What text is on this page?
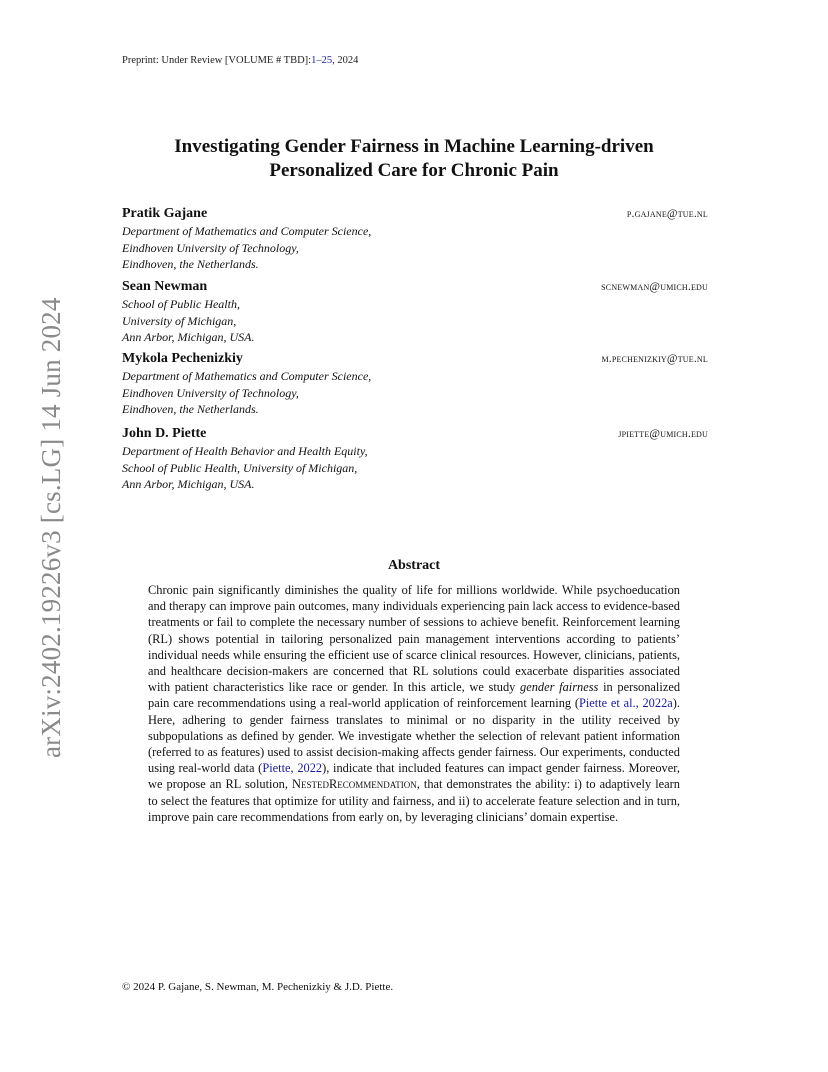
Preprint: Under Review [VOLUME # TBD]:1–25, 2024
arXiv:2402.19226v3 [cs.LG] 14 Jun 2024
Investigating Gender Fairness in Machine Learning-driven
Personalized Care for Chronic Pain
Pratik Gajane	p.gajane@tue.nl
Department of Mathematics and Computer Science,
Eindhoven University of Technology,
Eindhoven, the Netherlands.
Sean Newman	scnewman@umich.edu
School of Public Health,
University of Michigan,
Ann Arbor, Michigan, USA.
Mykola Pechenizkiy	m.pechenizkiy@tue.nl
Department of Mathematics and Computer Science,
Eindhoven University of Technology,
Eindhoven, the Netherlands.
John D. Piette	jpiette@umich.edu
Department of Health Behavior and Health Equity,
School of Public Health, University of Michigan,
Ann Arbor, Michigan, USA.
Abstract

Chronic pain significantly diminishes the quality of life for millions worldwide. While psychoeducation and therapy can improve pain outcomes, many individuals experiencing pain lack access to evidence-based treatments or fail to complete the necessary number of sessions to achieve benefit. Reinforcement learning (RL) shows potential in tailoring personalized pain management interventions according to patients’ individual needs while ensuring the efficient use of scarce clinical resources. However, clinicians, patients, and healthcare decision-makers are concerned that RL solutions could exacerbate disparities associated with patient characteristics like race or gender. In this article, we study gender fairness in personalized pain care recommendations using a real-world application of reinforcement learning (Piette et al., 2022a). Here, adhering to gender fairness translates to minimal or no disparity in the utility received by subpopulations as defined by gender. We investigate whether the selection of relevant patient information (referred to as features) used to assist decision-making affects gender fairness. Our experiments, conducted using real-world data (Piette, 2022), indicate that included features can impact gender fairness. Moreover, we propose an RL solution, NestedRecommendation, that demonstrates the ability: i) to adaptively learn to select the features that optimize for utility and fairness, and ii) to accelerate feature selection and in turn, improve pain care recommendations from early on, by leveraging clinicians’ domain expertise.

© 2024 P. Gajane, S. Newman, M. Pechenizkiy & J.D. Piette.
